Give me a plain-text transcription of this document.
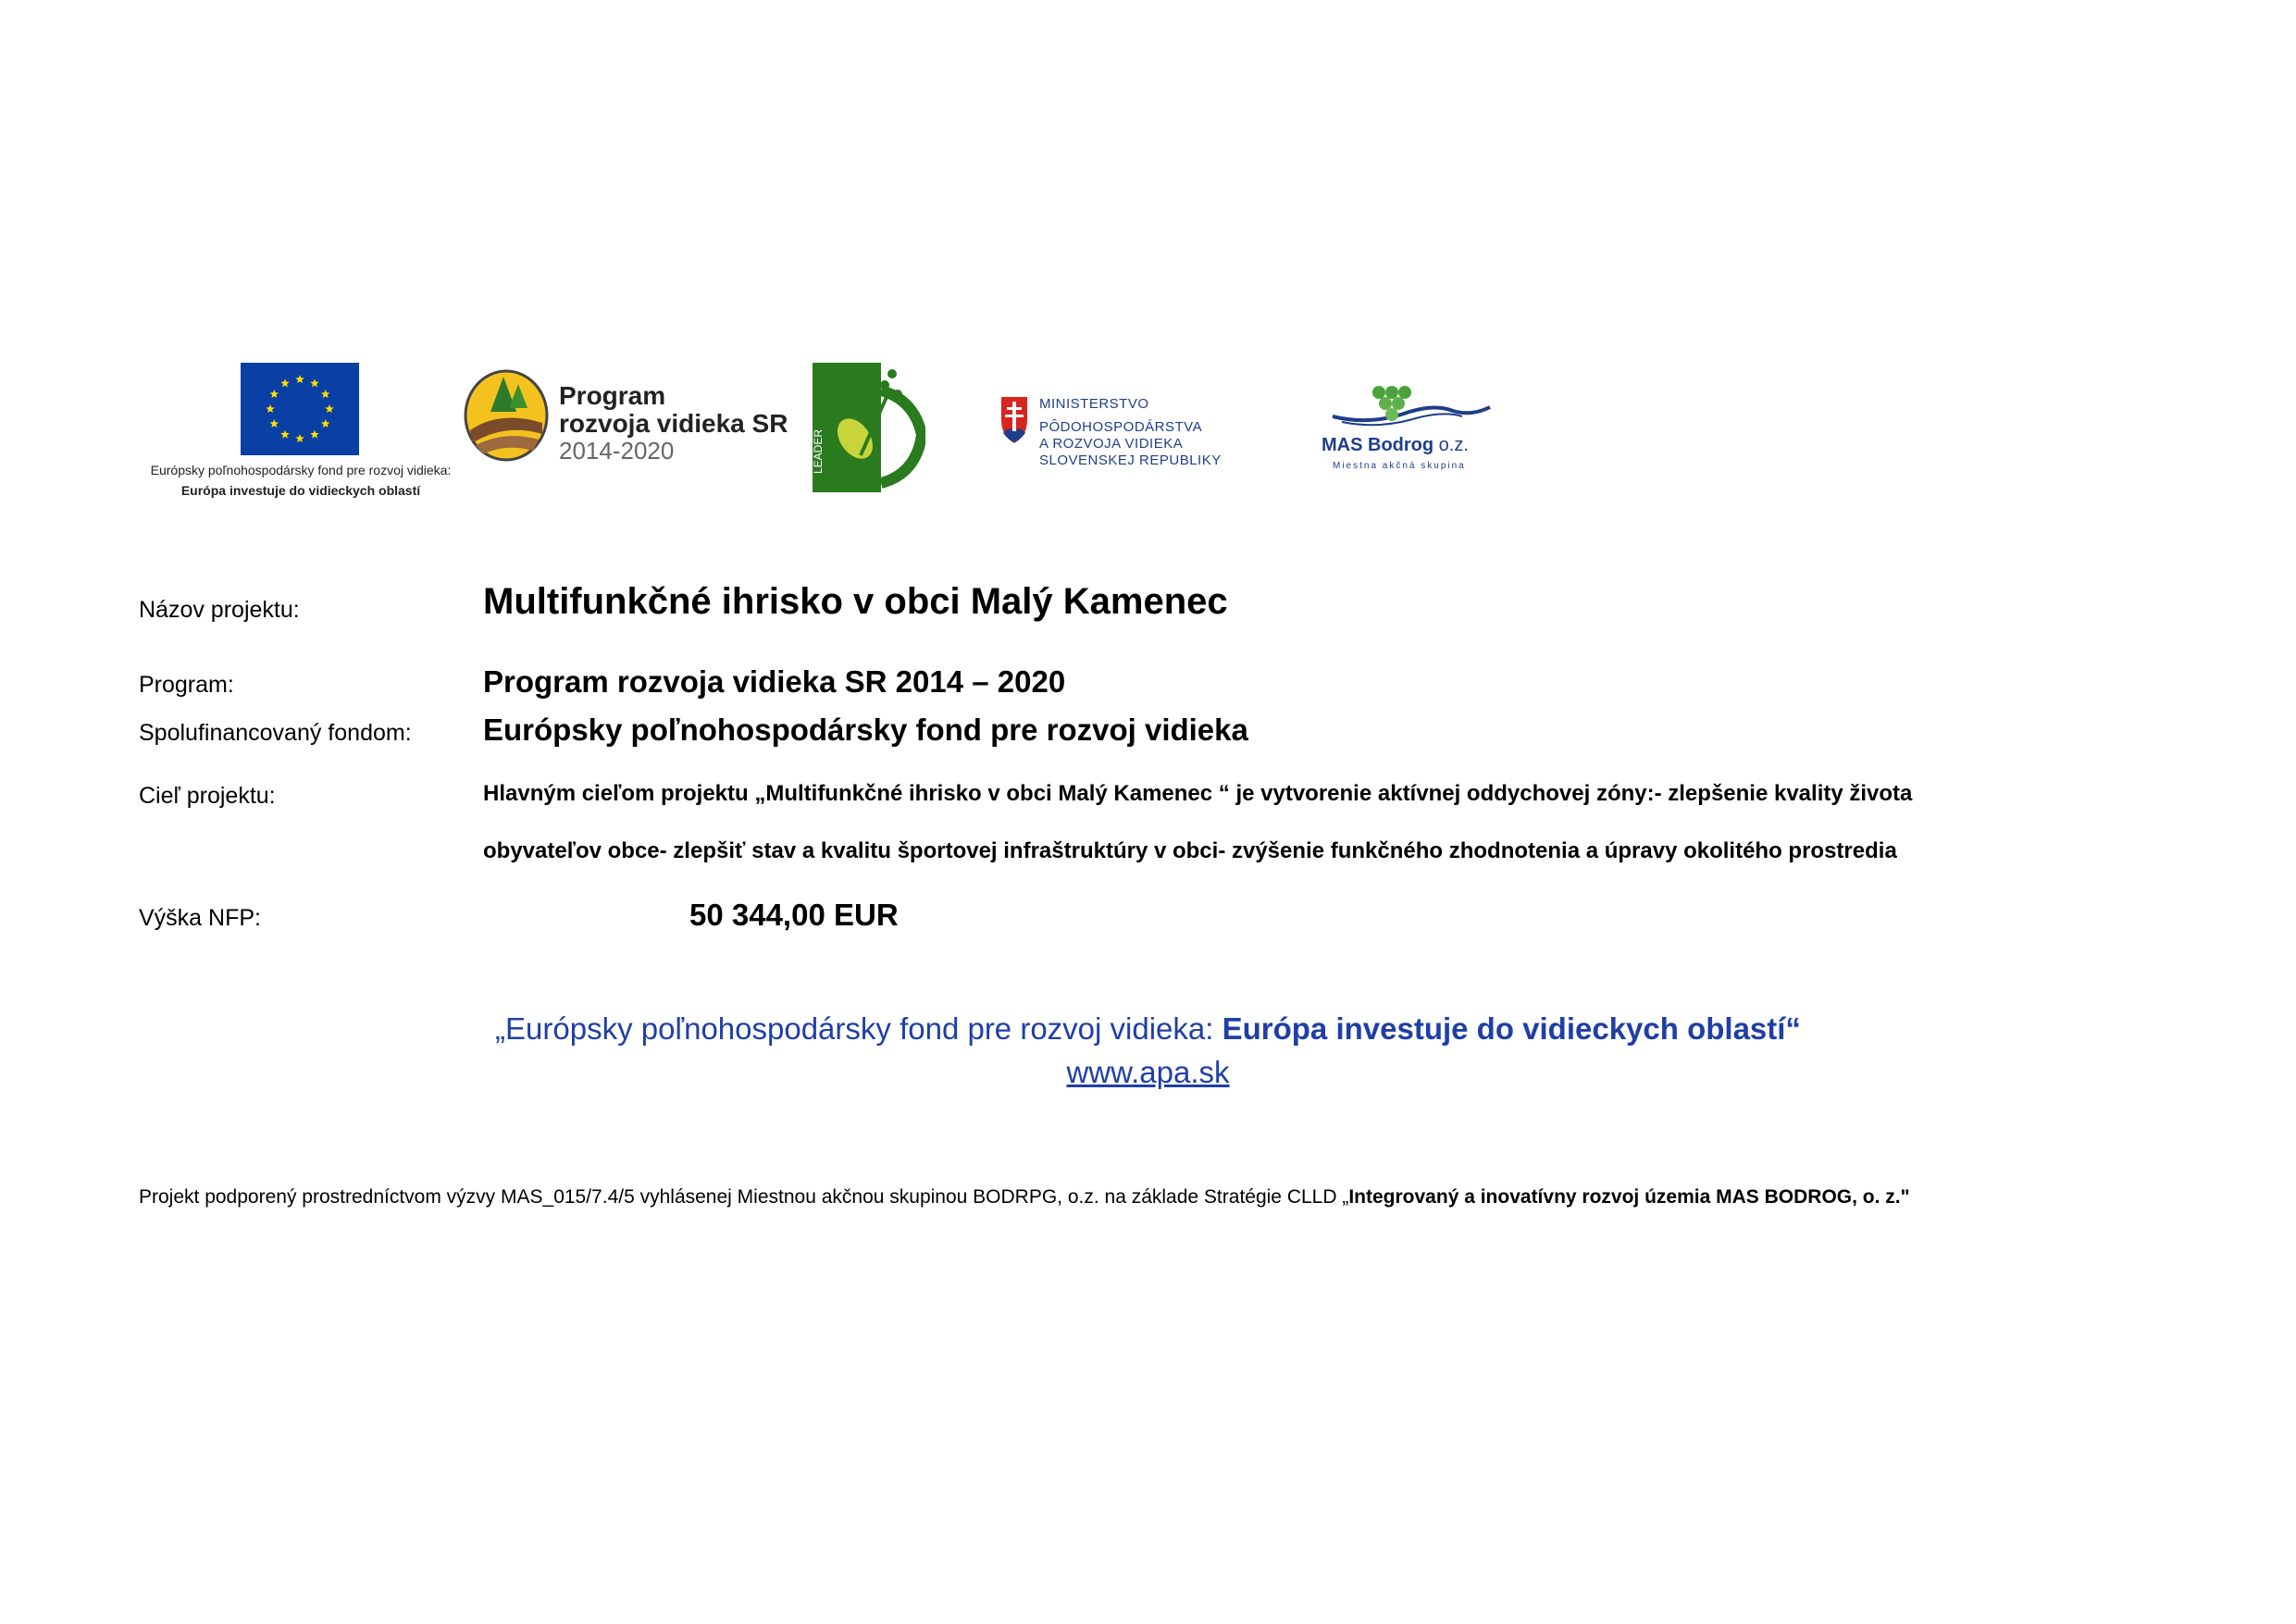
Európsky poľnohospodársky fond pre rozvoj vidieka:
Európa investuje do vidieckych oblastí
Program
rozvoja vidieka SR
2014-2020	LEADER
MINISTERSTVO
PÔDOHOSPODÁRSTVA
A ROZVOJA VIDIEKA
SLOVENSKEJ REPUBLIKY
MAS Bodrog o.z.
Miestna akčná skupina
Názov projektu:	Multifunkčné ihrisko v obci Malý Kamenec
Program:	Program rozvoja vidieka SR 2014 – 2020
Spolufinancovaný fondom: Európsky poľnohospodársky fond pre rozvoj vidieka
Cieľ projektu:	Hlavným cieľom projektu „Multifunkčné ihrisko v obci Malý Kamenec “ je vytvorenie aktívnej oddychovej zóny:- zlepšenie kvality života
obyvateľov obce- zlepšiť stav a kvalitu športovej infraštruktúry v obci- zvýšenie funkčného zhodnotenia a úpravy okolitého prostredia
Výška NFP:	50 344,00 EUR
„Európsky poľnohospodársky fond pre rozvoj vidieka: Európa investuje do vidieckych oblastí“
www.apa.sk
Projekt podporený prostredníctvom výzvy MAS_015/7.4/5 vyhlásenej Miestnou akčnou skupinou BODRPG, o.z. na základe Stratégie CLLD „Integrovaný a inovatívny rozvoj územia MAS BODROG, o. z."
